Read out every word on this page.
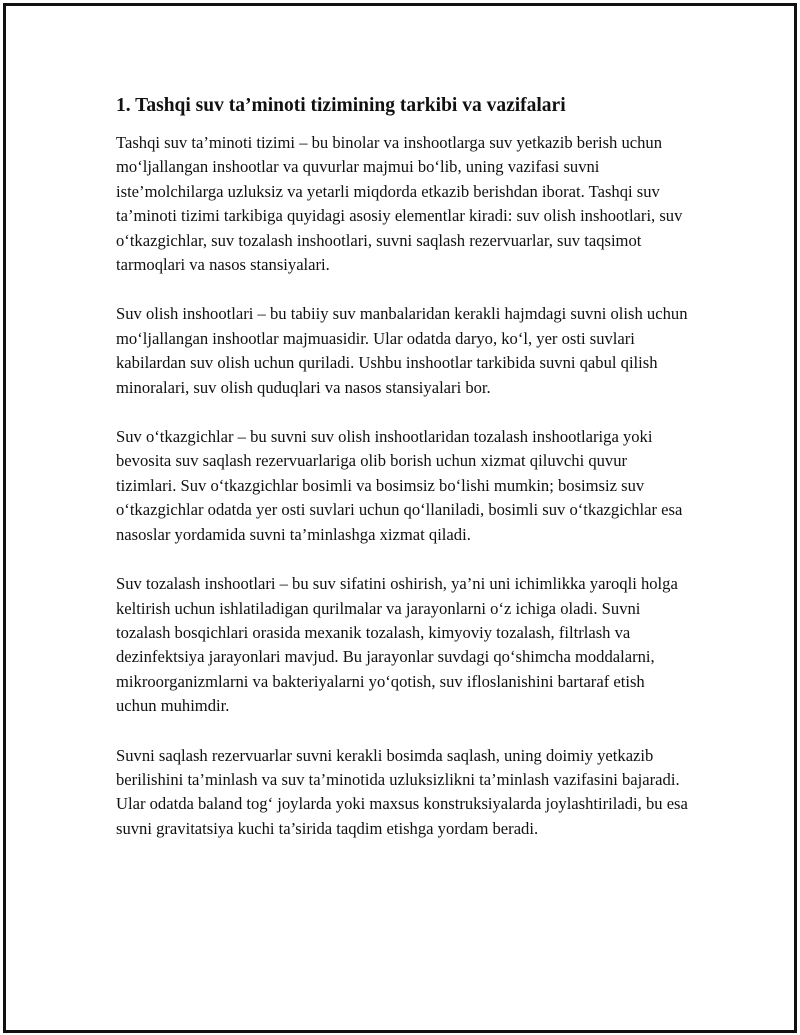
1. Tashqi suv ta’minoti tizimining tarkibi va vazifalari

Tashqi suv ta’minoti tizimi – bu binolar va inshootlarga suv yetkazib berish uchun mo‘ljallangan inshootlar va quvurlar majmui bo‘lib, uning vazifasi suvni iste’molchilarga uzluksiz va yetarli miqdorda etkazib berishdan iborat. Tashqi suv ta’minoti tizimi tarkibiga quyidagi asosiy elementlar kiradi: suv olish inshootlari, suv o‘tkazgichlar, suv tozalash inshootlari, suvni saqlash rezervuarlar, suv taqsimot tarmoqlari va nasos stansiyalari.

Suv olish inshootlari – bu tabiiy suv manbalaridan kerakli hajmdagi suvni olish uchun mo‘ljallangan inshootlar majmuasidir. Ular odatda daryo, ko‘l, yer osti suvlari kabilardan suv olish uchun quriladi. Ushbu inshootlar tarkibida suvni qabul qilish minoralari, suv olish quduqlari va nasos stansiyalari bor.

Suv o‘tkazgichlar – bu suvni suv olish inshootlaridan tozalash inshootlariga yoki bevosita suv saqlash rezervuarlariga olib borish uchun xizmat qiluvchi quvur tizimlari. Suv o‘tkazgichlar bosimli va bosimsiz bo‘lishi mumkin; bosimsiz suv o‘tkazgichlar odatda yer osti suvlari uchun qo‘llaniladi, bosimli suv o‘tkazgichlar esa nasoslar yordamida suvni ta’minlashga xizmat qiladi.

Suv tozalash inshootlari – bu suv sifatini oshirish, ya’ni uni ichimlikka yaroqli holga keltirish uchun ishlatiladigan qurilmalar va jarayonlarni o‘z ichiga oladi. Suvni tozalash bosqichlari orasida mexanik tozalash, kimyoviy tozalash, filtrlash va dezinfektsiya jarayonlari mavjud. Bu jarayonlar suvdagi qo‘shimcha moddalarni, mikroorganizmlarni va bakteriyalarni yo‘qotish, suv ifloslanishini bartaraf etish uchun muhimdir.

Suvni saqlash rezervuarlar suvni kerakli bosimda saqlash, uning doimiy yetkazib berilishini ta’minlash va suv ta’minotida uzluksizlikni ta’minlash vazifasini bajaradi. Ular odatda baland tog‘ joylarda yoki maxsus konstruksiyalarda joylashtiriladi, bu esa suvni gravitatsiya kuchi ta’sirida taqdim etishga yordam beradi.
